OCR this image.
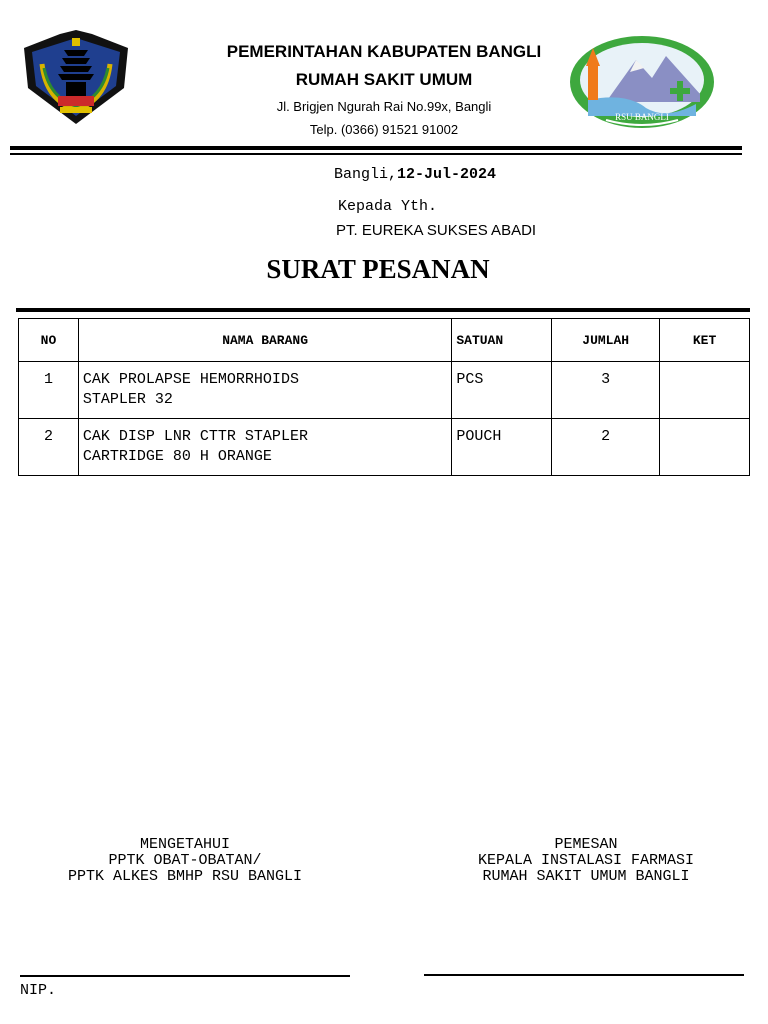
PEMERINTAHAN KABUPATEN BANGLI
RUMAH SAKIT UMUM
Jl. Brigjen Ngurah Rai No.99x, Bangli
Telp. (0366) 91521 91002
RSU BANGLI
Bangli,12-Jul-2024
Kepada Yth.
PT. EUREKA SUKSES ABADI
SURAT PESANAN
NO	NAMA BARANG	SATUAN	JUMLAH	KET
1	CAK PROLAPSE HEMORRHOIDS
STAPLER 32	PCS	3	
2	CAK DISP LNR CTTR STAPLER
CARTRIDGE 80 H ORANGE	POUCH	2	
MENGETAHUI
PPTK OBAT-OBATAN/
PPTK ALKES BMHP RSU BANGLI
PEMESAN
KEPALA INSTALASI FARMASI
RUMAH SAKIT UMUM BANGLI
NIP.
